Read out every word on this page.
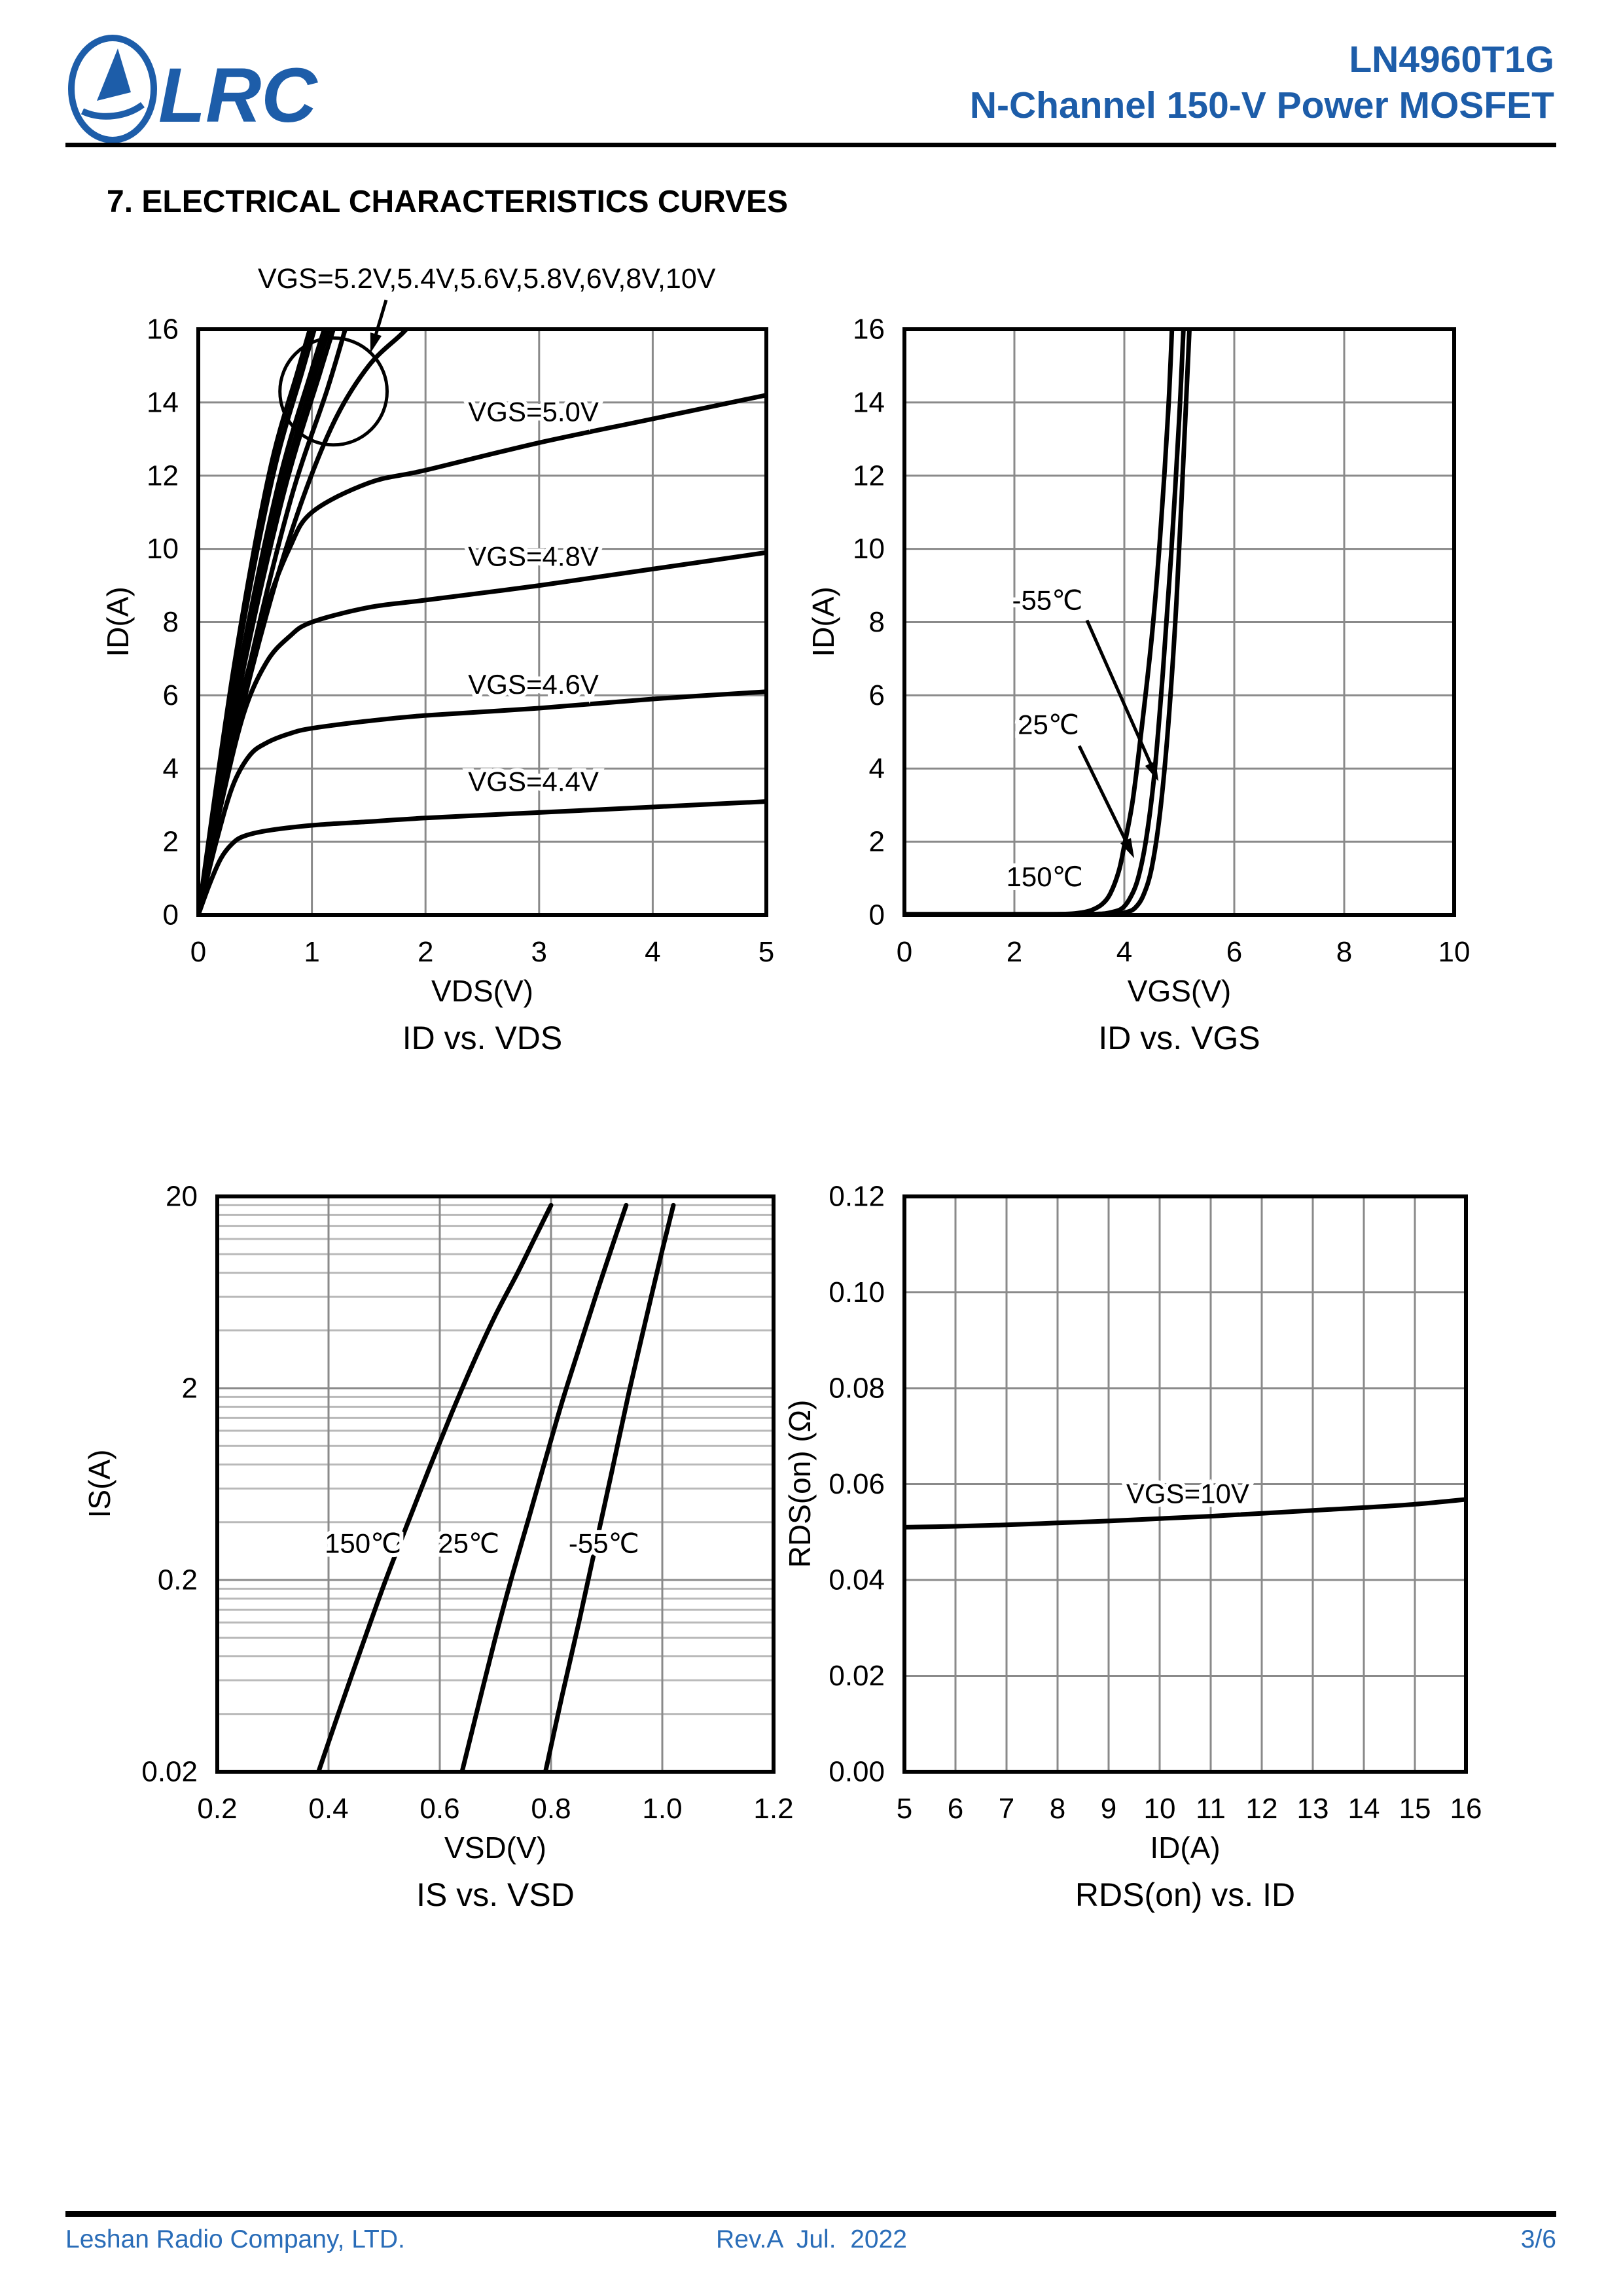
LRC	LN4960T1G
N-Channel 150-V Power MOSFET
7. ELECTRICAL CHARACTERISTICS CURVES
VGS=5.2V,5.4V,5.6V,5.8V,6V,8V,10V
0	1	2	3	4	5
0
2
4
6
8
10
12
14
16
VGS=5.0V
VGS=4.8V
VGS=4.6V
VGS=4.4V
0	2	4	6	8	10
0
2
4
6
8
10
12
14
16
-55℃
25℃
150℃
0.2 0.4 0.6 0.8 1.0 1.2
0.02
0.2
2
20
150℃ 25℃	-55℃
5 6 7 8 9 10 11 12 13 14 15 16
0.00
0.02
0.04
0.06
0.08
0.10
0.12
VGS=10V
VDS(V)
ID vs. VDS
ID(A)
VGS(V)
ID vs. VGS
ID(A)
VSD(V)
IS vs. VSD
IS(A)
ID(A)
RDS(on) vs. ID
RDS(on) (Ω)
Leshan Radio Company, LTD.	Rev.A  Jul.  2022	3/6
